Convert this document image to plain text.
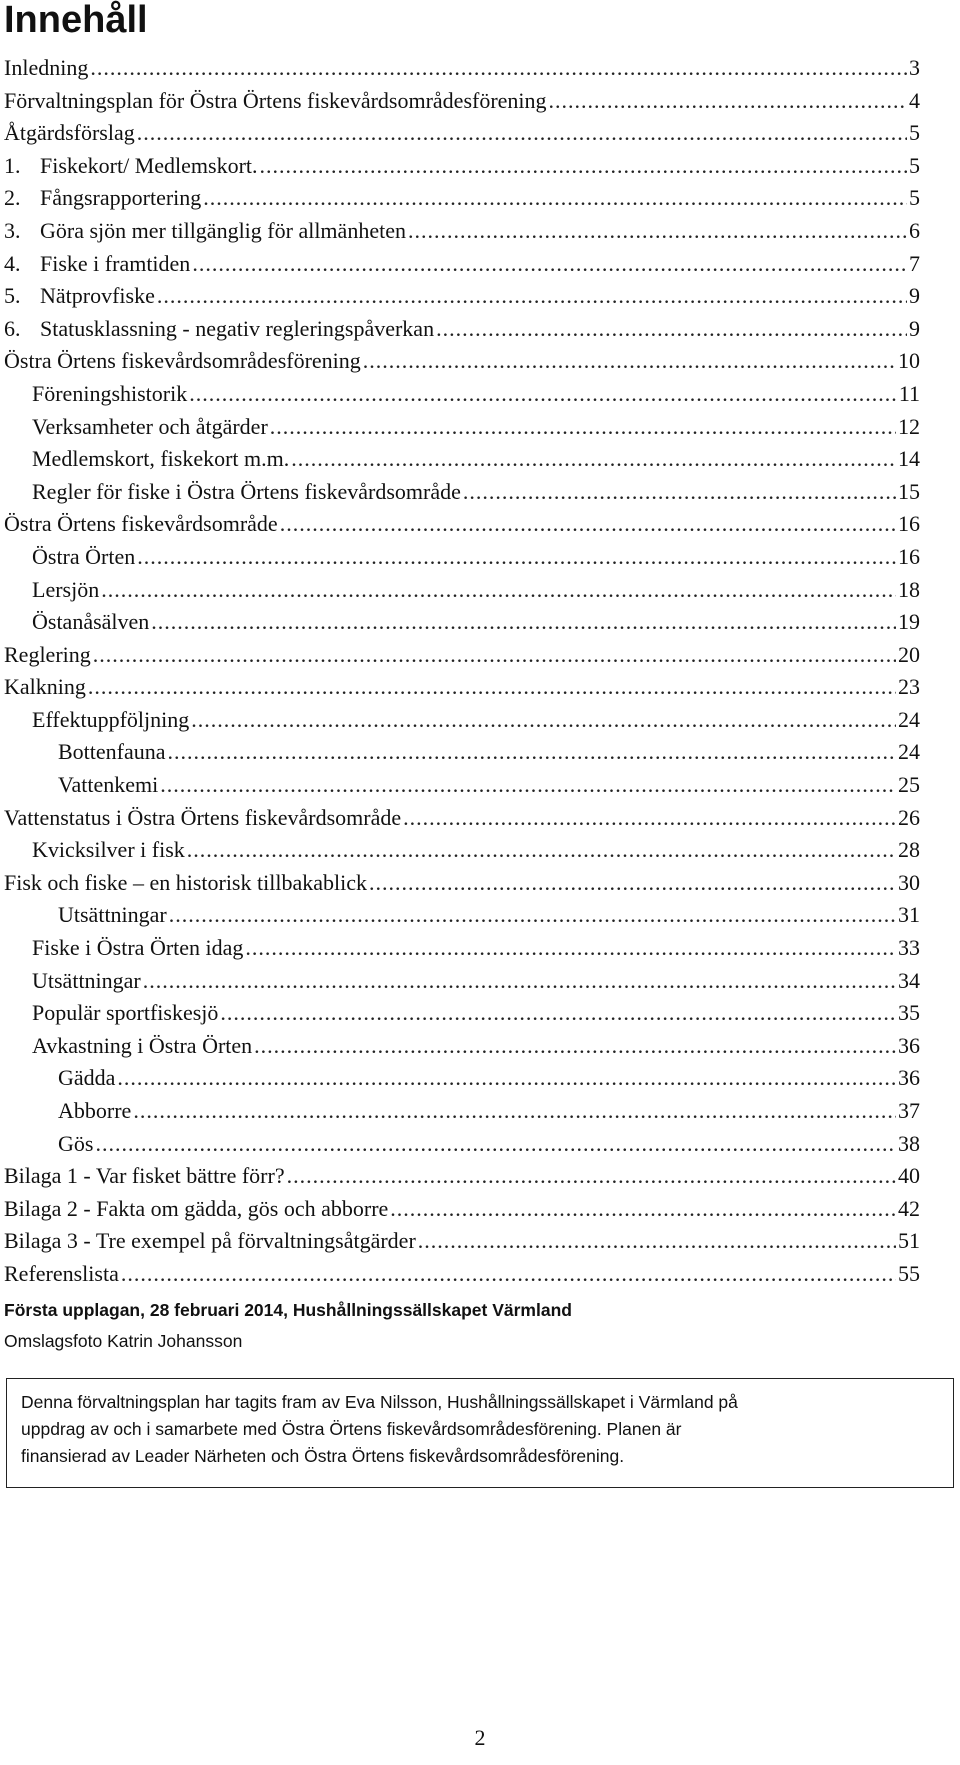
Innehåll
Inledning .....	3
Förvaltningsplan för Östra Örtens fiskevårdsområdesförening .....	4
Åtgärdsförslag .....	5
1. Fiskekort/ Medlemskort. .....	5
2. Fångsrapportering .....	5
3. Göra sjön mer tillgänglig för allmänheten .....	6
4. Fiske i framtiden .....	7
5. Nätprovfiske .....	9
6. Statusklassning - negativ regleringspåverkan .....	9
Östra Örtens fiskevårdsområdesförening .....	10
Föreningshistorik .....	11
Verksamheter och åtgärder .....	12
Medlemskort, fiskekort m.m. .....	14
Regler för fiske i Östra Örtens fiskevårdsområde .....	15
Östra Örtens fiskevårdsområde .....	16
Östra Örten .....	16
Lersjön .....	18
Östanåsälven .....	19
Reglering .....	20
Kalkning .....	23
Effektuppföljning .....	24
Bottenfauna .....	24
Vattenkemi .....	25
Vattenstatus i Östra Örtens fiskevårdsområde .....	26
Kvicksilver i fisk .....	28
Fisk och fiske – en historisk tillbakablick .....	30
Utsättningar .....	31
Fiske i Östra Örten idag .....	33
Utsättningar .....	34
Populär sportfiskesjö .....	35
Avkastning i Östra Örten .....	36
Gädda .....	36
Abborre .....	37
Gös .....	38
Bilaga 1 - Var fisket bättre förr? .....	40
Bilaga 2 - Fakta om gädda, gös och abborre .....	42
Bilaga 3 - Tre exempel på förvaltningsåtgärder .....	51
Referenslista .....	55
Första upplagan, 28 februari 2014, Hushållningssällskapet Värmland
Omslagsfoto Katrin Johansson
Denna förvaltningsplan har tagits fram av Eva Nilsson, Hushållningssällskapet i Värmland på
uppdrag av och i samarbete med Östra Örtens fiskevårdsområdesförening. Planen är
finansierad av Leader Närheten och Östra Örtens fiskevårdsområdesförening.
2
